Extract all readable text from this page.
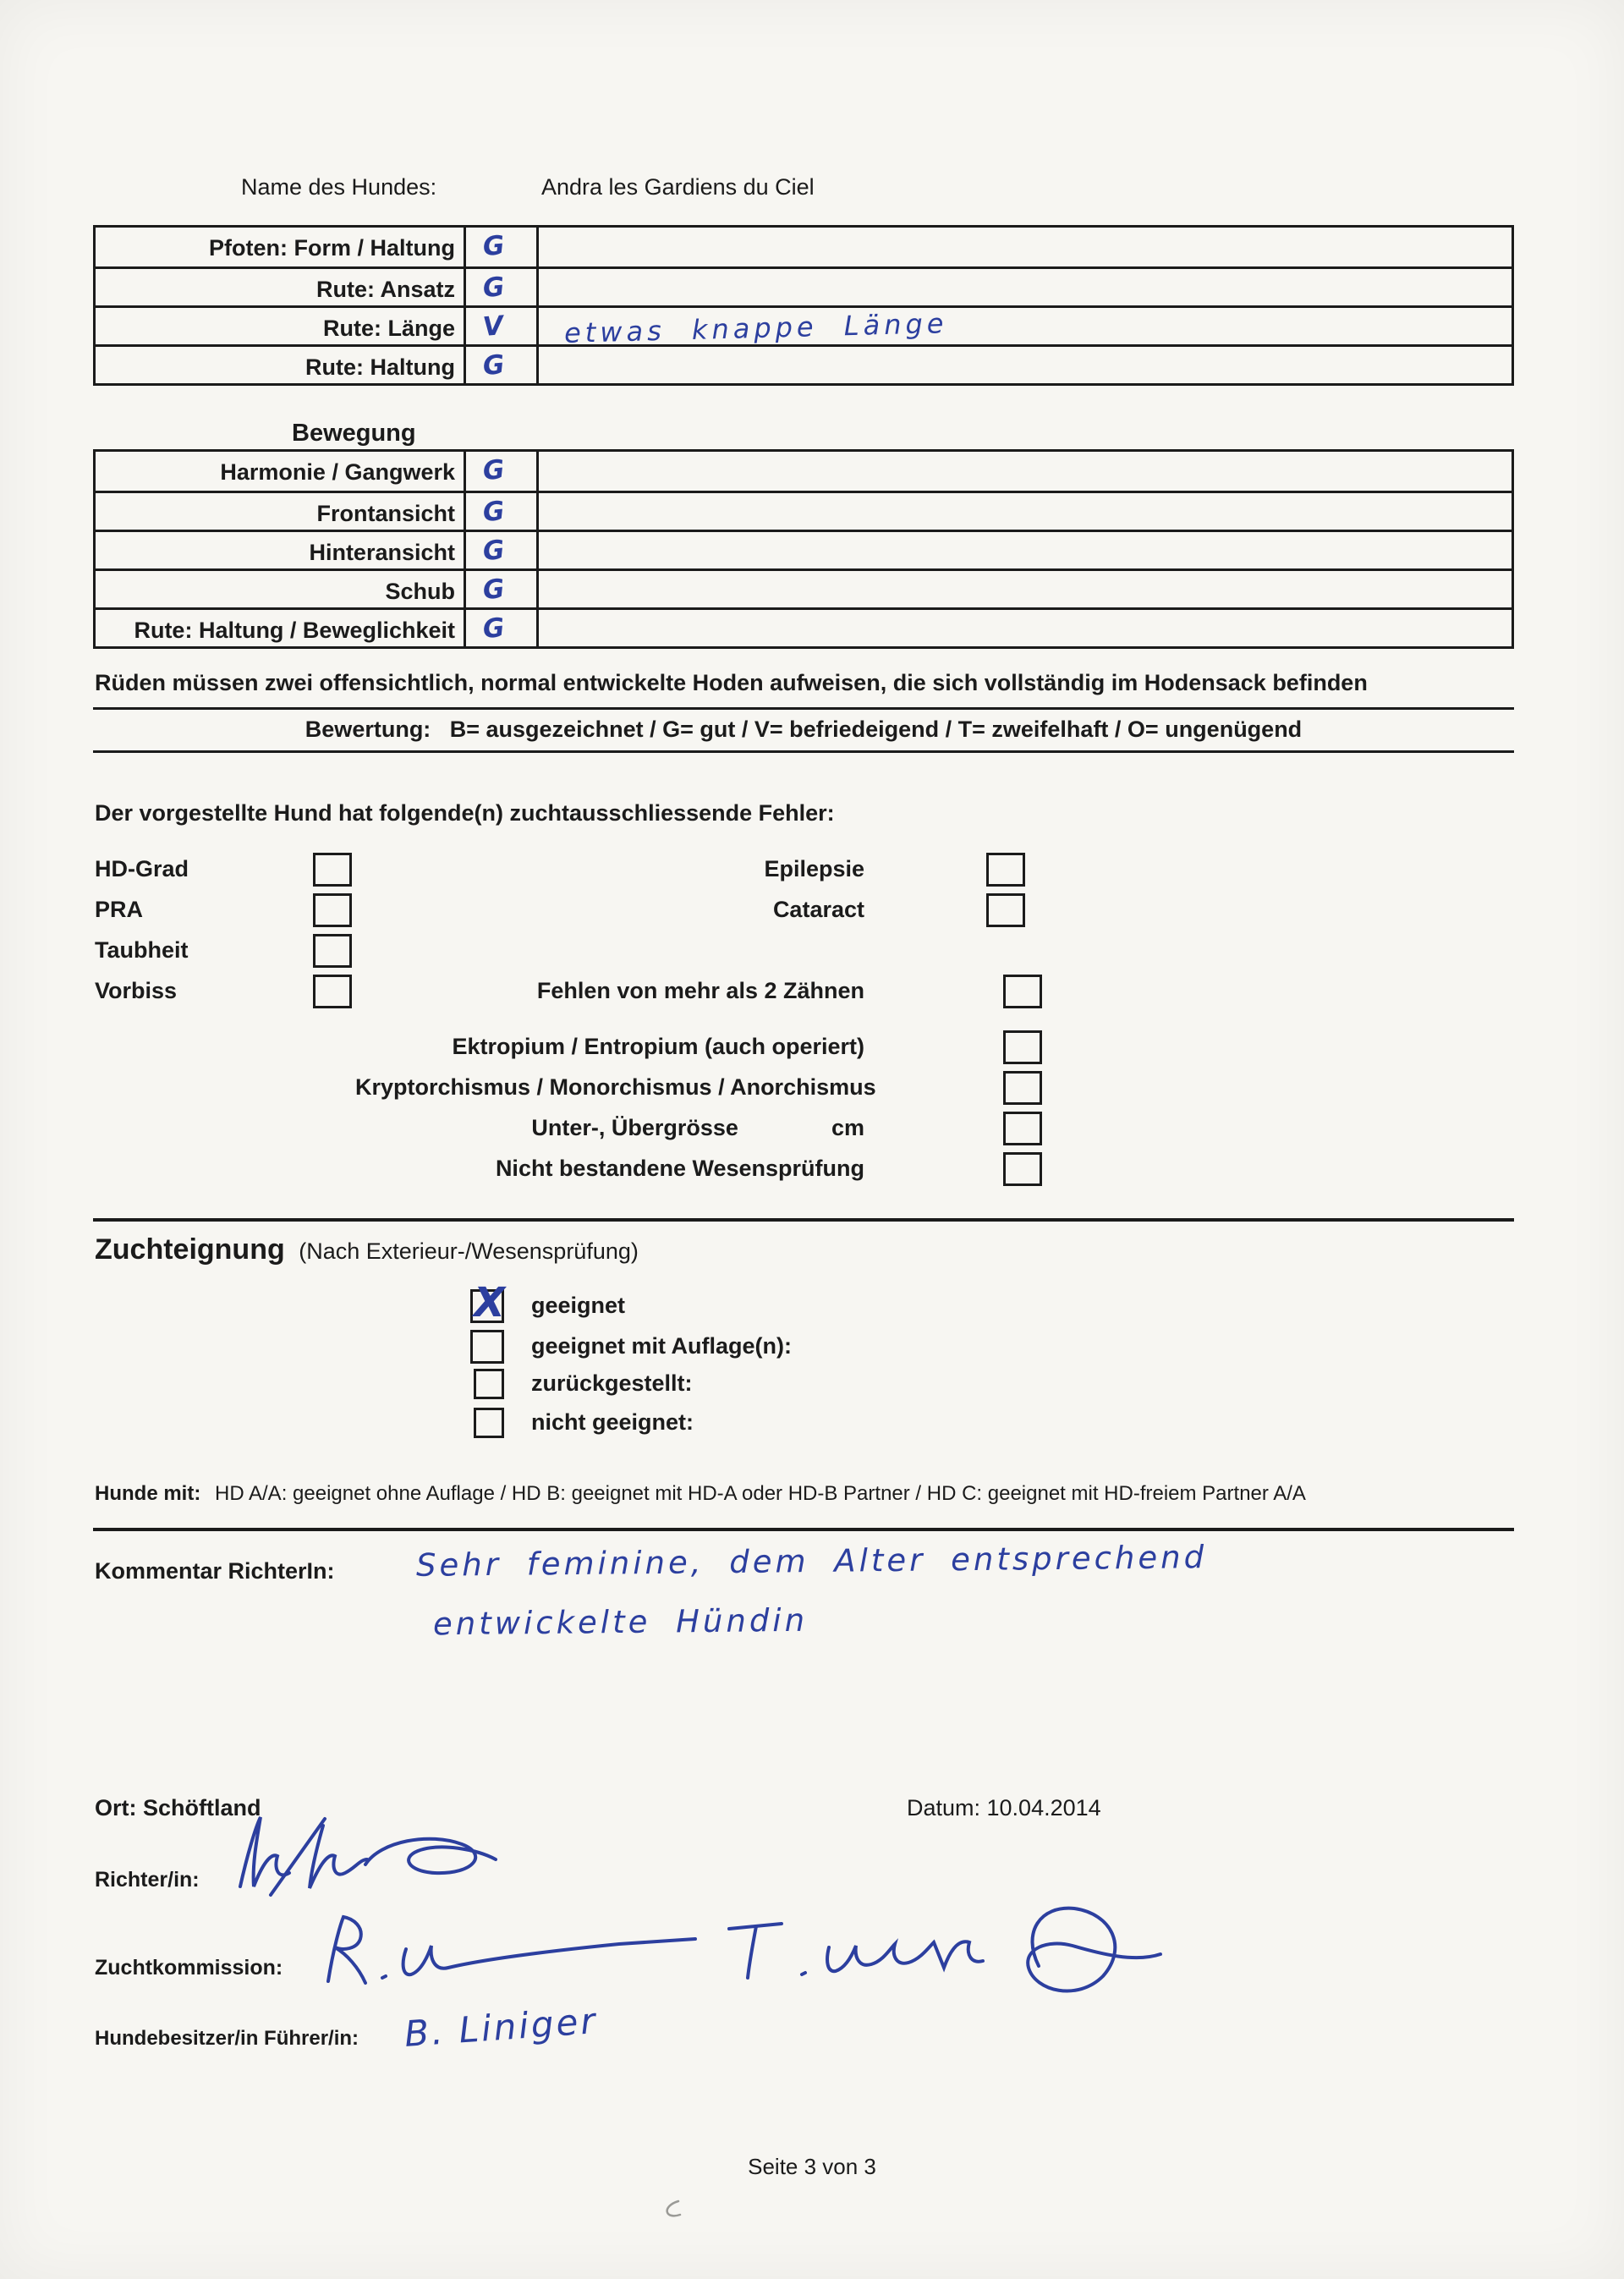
Name des Hundes:	Andra les Gardiens du Ciel
Pfoten: Form / Haltung	G
Rute: Ansatz	G
Rute: Länge	V	etwas knappe Länge
Rute: Haltung	G
Bewegung
Harmonie / Gangwerk	G
Frontansicht	G
Hinteransicht	G
Schub	G
Rute: Haltung / Beweglichkeit	G
Rüden müssen zwei offensichtlich, normal entwickelte Hoden aufweisen, die sich vollständig im Hodensack befinden
Bewertung: B= ausgezeichnet / G= gut / V= befriedeigend / T= zweifelhaft / O= ungenügend
Der vorgestellte Hund hat folgende(n) zuchtausschliessende Fehler:
HD-Grad
PRA
Taubheit
Vorbiss
Epilepsie
Cataract
Fehlen von mehr als 2 Zähnen
Ektropium / Entropium (auch operiert)
Kryptorchismus / Monorchismus / Anorchismus
Unter-, Übergrösse	cm
Nicht bestandene Wesensprüfung
Zuchteignung (Nach Exterieur-/Wesensprüfung)
X geeignet
geeignet mit Auflage(n):
zurückgestellt:
nicht geeignet:
Hunde mit: HD A/A: geeignet ohne Auflage / HD B: geeignet mit HD-A oder HD-B Partner / HD C: geeignet mit HD-freiem Partner A/A
Kommentar RichterIn:	Sehr feminine, dem Alter entsprechend
entwickelte Hündin
Ort: Schöftland	Datum: 10.04.2014
Richter/in:
Zuchtkommission:
Hundebesitzer/in Führer/in: B. Liniger
Seite 3 von 3
